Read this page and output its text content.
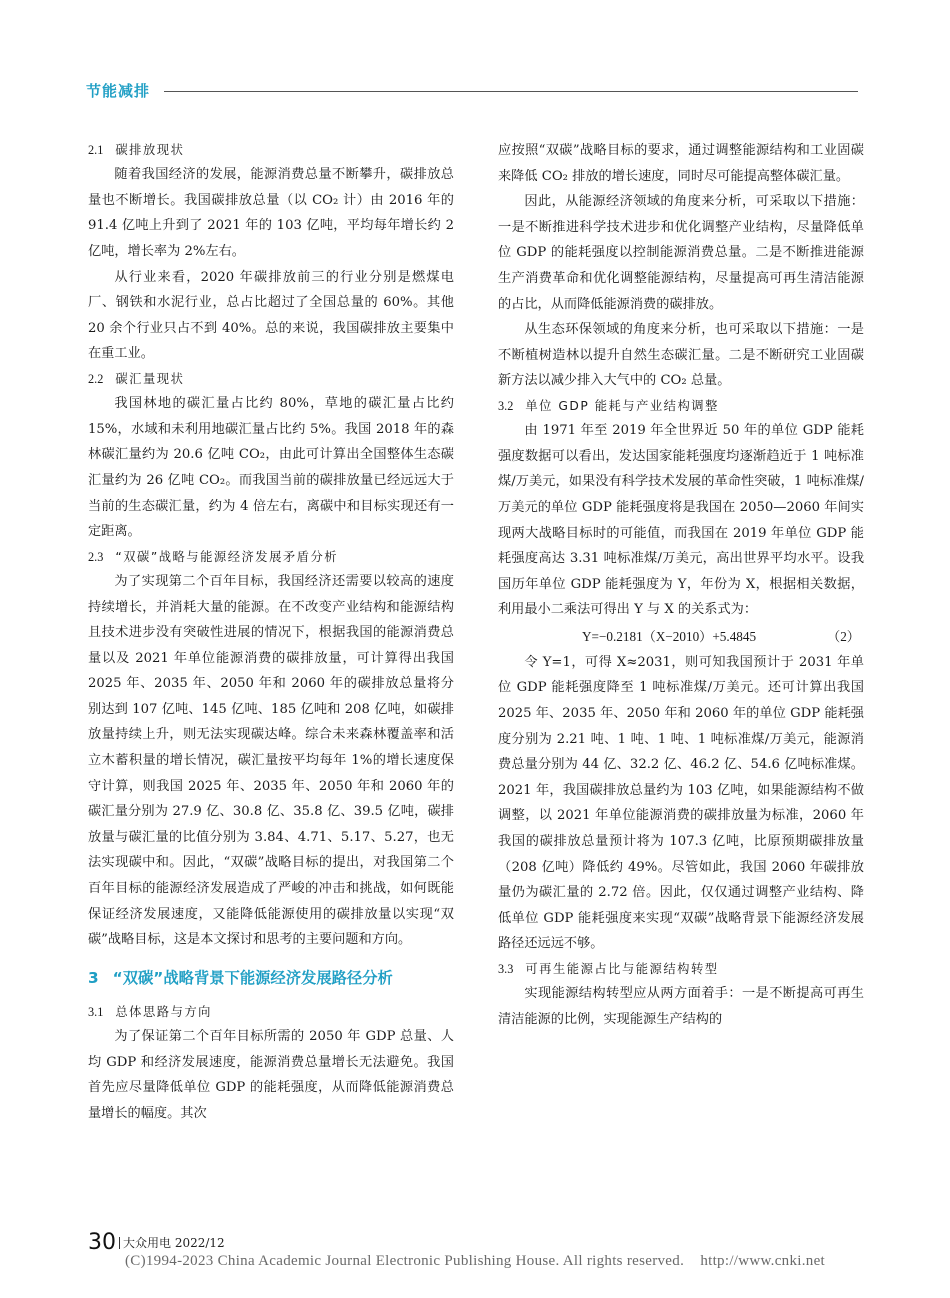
节能减排
2.1 碳排放现状

随着我国经济的发展，能源消费总量不断攀升，碳排放总量也不断增长。我国碳排放总量（以 CO₂ 计）由 2016 年的 91.4 亿吨上升到了 2021 年的 103 亿吨，平均每年增长约 2 亿吨，增长率为 2%左右。

从行业来看，2020 年碳排放前三的行业分别是燃煤电厂、钢铁和水泥行业，总占比超过了全国总量的 60%。其他 20 余个行业只占不到 40%。总的来说，我国碳排放主要集中在重工业。

2.2 碳汇量现状

我国林地的碳汇量占比约 80%，草地的碳汇量占比约 15%，水域和未利用地碳汇量占比约 5%。我国 2018 年的森林碳汇量约为 20.6 亿吨 CO₂，由此可计算出全国整体生态碳汇量约为 26 亿吨 CO₂。而我国当前的碳排放量已经远远大于当前的生态碳汇量，约为 4 倍左右，离碳中和目标实现还有一定距离。

2.3 “双碳”战略与能源经济发展矛盾分析

为了实现第二个百年目标，我国经济还需要以较高的速度持续增长，并消耗大量的能源。在不改变产业结构和能源结构且技术进步没有突破性进展的情况下，根据我国的能源消费总量以及 2021 年单位能源消费的碳排放量，可计算得出我国 2025 年、2035 年、2050 年和 2060 年的碳排放总量将分别达到 107 亿吨、145 亿吨、185 亿吨和 208 亿吨，如碳排放量持续上升，则无法实现碳达峰。综合未来森林覆盖率和活立木蓄积量的增长情况，碳汇量按平均每年 1%的增长速度保守计算，则我国 2025 年、2035 年、2050 年和 2060 年的碳汇量分别为 27.9 亿、30.8 亿、35.8 亿、39.5 亿吨，碳排放量与碳汇量的比值分别为 3.84、4.71、5.17、5.27，也无法实现碳中和。因此，“双碳”战略目标的提出，对我国第二个百年目标的能源经济发展造成了严峻的冲击和挑战，如何既能保证经济发展速度，又能降低能源使用的碳排放量以实现“双碳”战略目标，这是本文探讨和思考的主要问题和方向。

3 “双碳”战略背景下能源经济发展路径分析
3.1 总体思路与方向

为了保证第二个百年目标所需的 2050 年 GDP 总量、人均 GDP 和经济发展速度，能源消费总量增长无法避免。我国首先应尽量降低单位 GDP 的能耗强度，从而降低能源消费总量增长的幅度。其次

应按照“双碳”战略目标的要求，通过调整能源结构和工业固碳来降低 CO₂ 排放的增长速度，同时尽可能提高整体碳汇量。

因此，从能源经济领域的角度来分析，可采取以下措施：一是不断推进科学技术进步和优化调整产业结构，尽量降低单位 GDP 的能耗强度以控制能源消费总量。二是不断推进能源生产消费革命和优化调整能源结构，尽量提高可再生清洁能源的占比，从而降低能源消费的碳排放。

从生态环保领域的角度来分析，也可采取以下措施：一是不断植树造林以提升自然生态碳汇量。二是不断研究工业固碳新方法以减少排入大气中的 CO₂ 总量。

3.2 单位 GDP 能耗与产业结构调整

由 1971 年至 2019 年全世界近 50 年的单位 GDP 能耗强度数据可以看出，发达国家能耗强度均逐渐趋近于 1 吨标准煤/万美元，如果没有科学技术发展的革命性突破，1 吨标准煤/万美元的单位 GDP 能耗强度将是我国在 2050—2060 年间实现两大战略目标时的可能值，而我国在 2019 年单位 GDP 能耗强度高达 3.31 吨标准煤/万美元，高出世界平均水平。设我国历年单位 GDP 能耗强度为 Y，年份为 X，根据相关数据，利用最小二乘法可得出 Y 与 X 的关系式为：

Y=−0.2181（X−2010）+5.4845	（2）

令 Y=1，可得 X≈2031，则可知我国预计于 2031 年单位 GDP 能耗强度降至 1 吨标准煤/万美元。还可计算出我国 2025 年、2035 年、2050 年和 2060 年的单位 GDP 能耗强度分别为 2.21 吨、1 吨、1 吨、1 吨标准煤/万美元，能源消费总量分别为 44 亿、32.2 亿、46.2 亿、54.6 亿吨标准煤。2021 年，我国碳排放总量约为 103 亿吨，如果能源结构不做调整，以 2021 年单位能源消费的碳排放量为标准，2060 年我国的碳排放总量预计将为 107.3 亿吨，比原预期碳排放量（208 亿吨）降低约 49%。尽管如此，我国 2060 年碳排放量仍为碳汇量的 2.72 倍。因此，仅仅通过调整产业结构、降低单位 GDP 能耗强度来实现“双碳”战略背景下能源经济发展路径还远远不够。

3.3 可再生能源占比与能源结构转型

实现能源结构转型应从两方面着手：一是不断提高可再生清洁能源的比例，实现能源生产结构的

30 大众用电 2022/12
(C)1994-2023 China Academic Journal Electronic Publishing House. All rights reserved.    http://www.cnki.net
